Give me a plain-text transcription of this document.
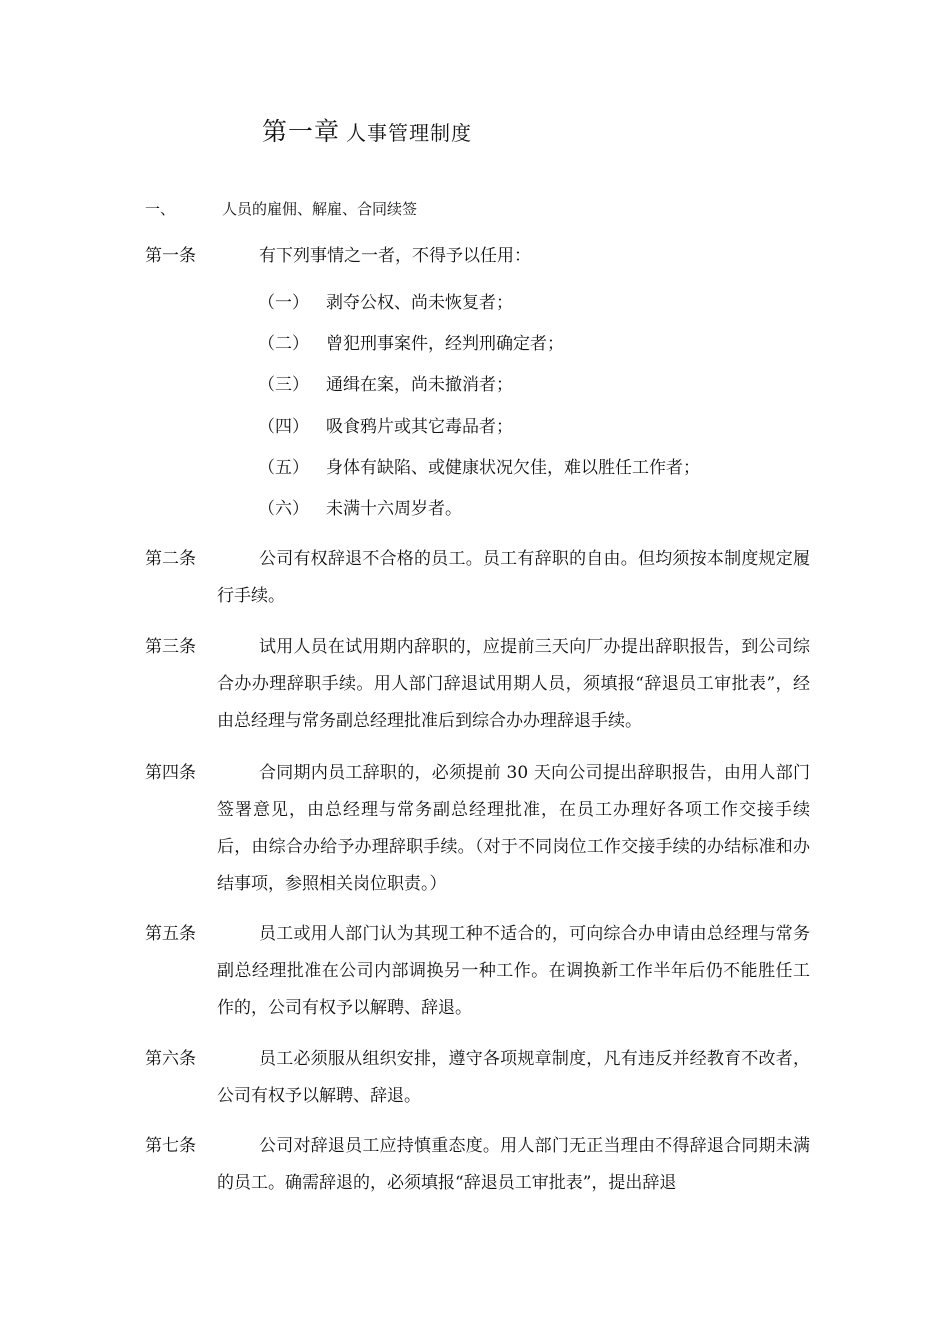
第一章 人事管理制度
一、	人员的雇佣、解雇、合同续签
第一条	有下列事情之一者，不得予以任用：
（一） 剥夺公权、尚未恢复者；
（二） 曾犯刑事案件，经判刑确定者；
（三） 通缉在案，尚未撤消者；
（四） 吸食鸦片或其它毒品者；
（五） 身体有缺陷、或健康状况欠佳，难以胜任工作者；
（六） 未满十六周岁者。
第二条	公司有权辞退不合格的员工。员工有辞职的自由。但均须按本制度规定履行手续。
第三条	试用人员在试用期内辞职的，应提前三天向厂办提出辞职报告，到公司综合办办理辞职手续。用人部门辞退试用期人员，须填报“辞退员工审批表”，经由总经理与常务副总经理批准后到综合办办理辞退手续。
第四条	合同期内员工辞职的，必须提前 30 天向公司提出辞职报告，由用人部门签署意见，由总经理与常务副总经理批准，在员工办理好各项工作交接手续后，由综合办给予办理辞职手续。（对于不同岗位工作交接手续的办结标准和办结事项，参照相关岗位职责。）
第五条	员工或用人部门认为其现工种不适合的，可向综合办申请由总经理与常务副总经理批准在公司内部调换另一种工作。在调换新工作半年后仍不能胜任工作的，公司有权予以解聘、辞退。
第六条	员工必须服从组织安排，遵守各项规章制度，凡有违反并经教育不改者，公司有权予以解聘、辞退。
第七条	公司对辞退员工应持慎重态度。用人部门无正当理由不得辞退合同期未满的员工。确需辞退的，必须填报“辞退员工审批表”，提出辞退
